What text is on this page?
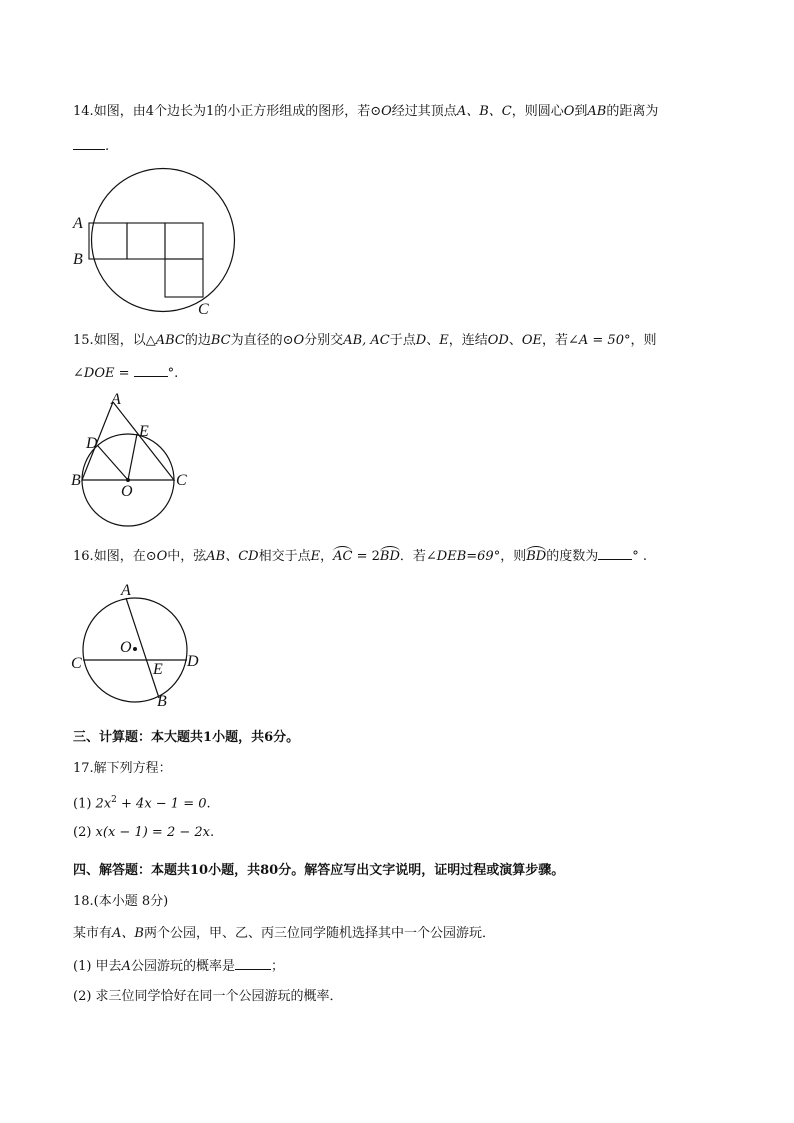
14.如图，由4个边长为1的小正方形组成的图形，若⊙O经过其顶点A、B、C，则圆心O到AB的距离为
.
A
B
C
15.如图，以△ABC的边BC为直径的⊙O分别交AB, AC于点D、E，连结OD、OE，若∠A = 50°，则
∠DOE =	°.
A
D
E
B
O
C
16.如图，在⊙O中，弦AB、CD相交于点E，AC = 2BD．若∠DEB=69°，则BD的度数为	° .
A
O
C	E D
B
三、计算题：本大题共1小题，共6分。
17.解下列方程：
(1) $2x^2 + 4x - 1 = 0$.
(2) x(x − 1) = 2 − 2x.
四、解答题：本题共10小题，共80分。解答应写出文字说明，证明过程或演算步骤。
18.(本小题 8分)
某市有A、B两个公园，甲、乙、丙三位同学随机选择其中一个公园游玩．
(1) 甲去A公园游玩的概率是	；
(2) 求三位同学恰好在同一个公园游玩的概率．
